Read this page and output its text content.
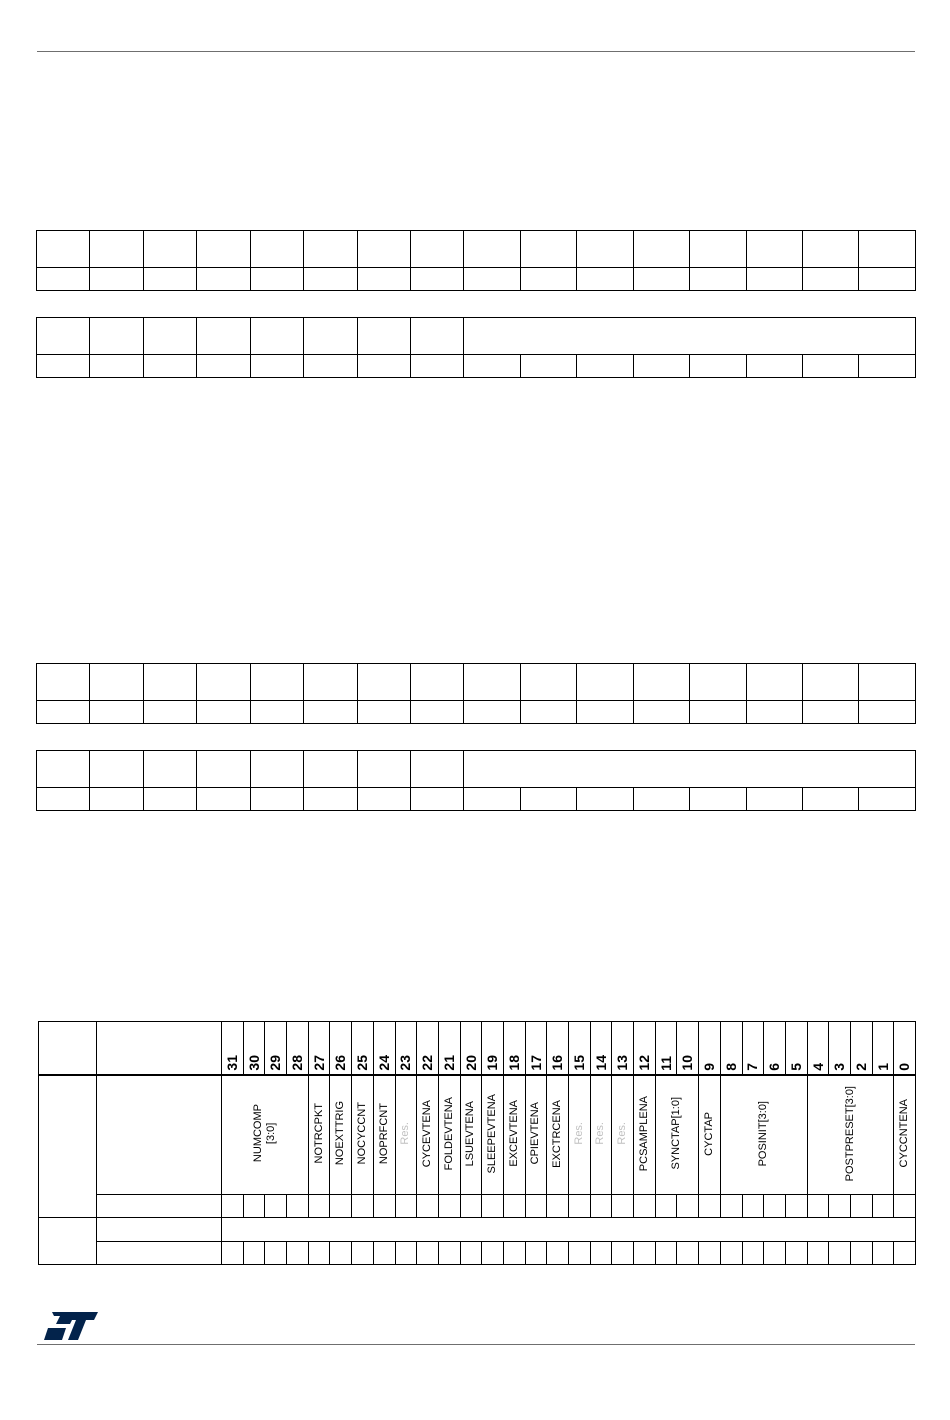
		31	30	29	28	27	26	25	24	23	22	21	20	19	18	17	16	15	14	13	12	11	10	9	8	7	6	5	4	3	2	1	0

		NUMCOMP [3:0]				NOTRCPKT	NOEXTTRIG	NOCYCCNT	NOPRFCNT	Res.	CYCEVTENA	FOLDEVTENA	LSUEVTENA	SLEEPEVTENA	EXCEVTENA	CPIEVTENA	EXCTRCENA	Res.	Res.	Res.	PCSAMPLENA	SYNCTAP[1:0]		CYCTAP	POSINIT[3:0]				POSTPRESET[3:0]				CYCCNTENA
